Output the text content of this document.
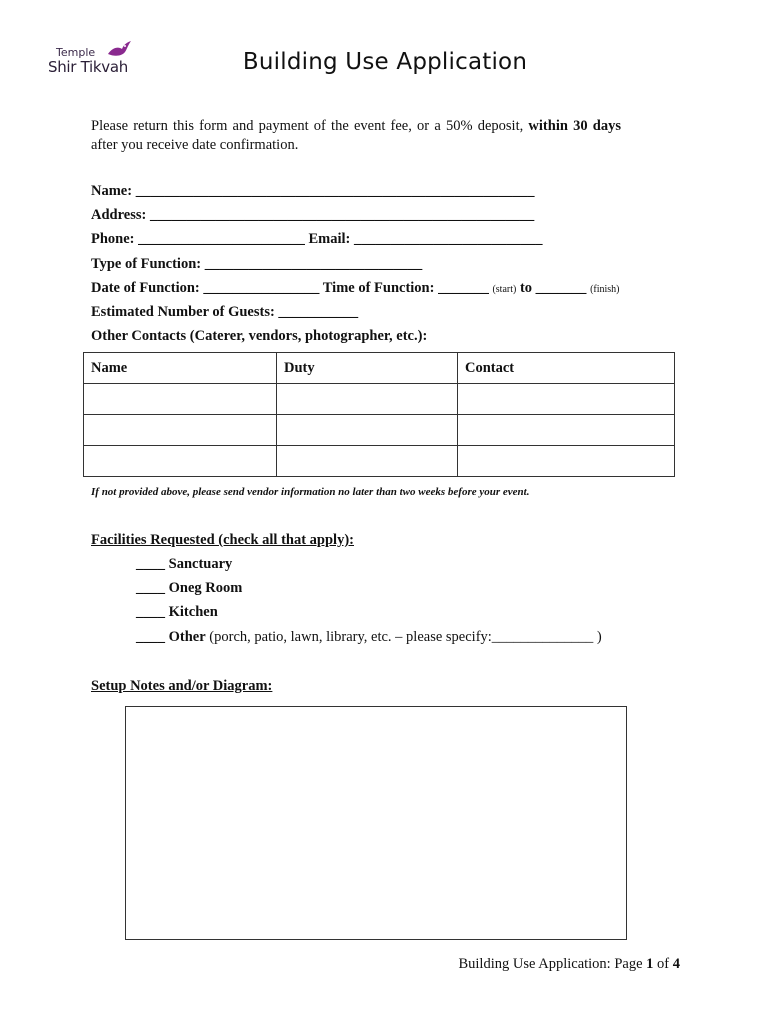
Temple
Shir Tikvah	Building Use Application
Please return this form and payment of the event fee, or a 50% deposit, within 30 days after you receive date confirmation.
Name: _______________________________________________________
Address: _____________________________________________________
Phone: _______________________ Email: __________________________
Type of Function: ______________________________
Date of Function: ________________ Time of Function: _______ (start) to _______ (finish)
Estimated Number of Guests: ___________
Other Contacts (Caterer, vendors, photographer, etc.):
Name	Duty	Contact

If not provided above, please send vendor information no later than two weeks before your event.
Facilities Requested (check all that apply):
____ Sanctuary
____ Oneg Room
____ Kitchen
____ Other (porch, patio, lawn, library, etc. – please specify:______________ )
Setup Notes and/or Diagram:
Building Use Application: Page 1 of 4
